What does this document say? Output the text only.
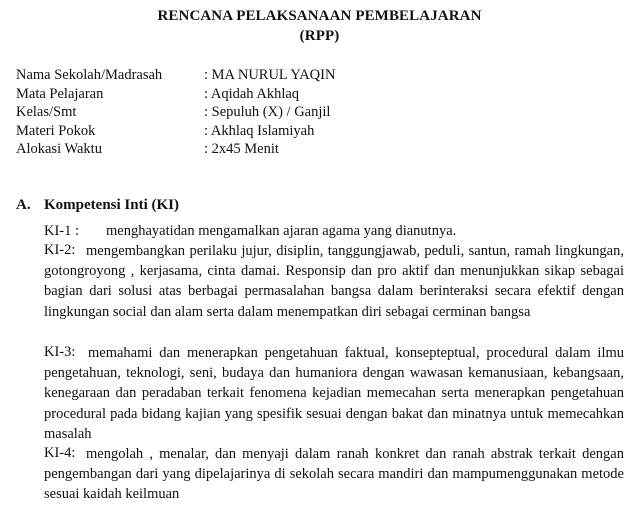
RENCANA PELAKSANAAN PEMBELAJARAN
(RPP)
Nama Sekolah/Madrasah	: MA NURUL YAQIN
Mata Pelajaran	: Aqidah Akhlaq
Kelas/Smt	: Sepuluh (X) / Ganjil
Materi Pokok	: Akhlaq Islamiyah
Alokasi Waktu	: 2x45 Menit
A. Kompetensi Inti (KI)
KI-1 :	menghayatidan mengamalkan ajaran agama yang dianutnya.
KI-2: mengembangkan perilaku jujur, disiplin, tanggungjawab, peduli, santun, ramah lingkungan, gotongroyong , kerjasama, cinta damai. Responsip dan pro aktif dan menunjukkan sikap sebagai bagian dari solusi atas berbagai permasalahan bangsa dalam berinteraksi secara efektif dengan lingkungan social dan alam serta dalam menempatkan diri sebagai cerminan bangsa
KI-3: memahami dan menerapkan pengetahuan faktual, konsepteptual, procedural dalam ilmu pengetahuan, teknologi, seni, budaya dan humaniora dengan wawasan kemanusiaan, kebangsaan, kenegaraan dan peradaban terkait fenomena kejadian memecahan serta menerapkan pengetahuan procedural pada bidang kajian yang spesifik sesuai dengan bakat dan minatnya untuk memecahkan masalah
KI-4: mengolah , menalar, dan menyaji dalam ranah konkret dan ranah abstrak terkait dengan pengembangan dari yang dipelajarinya di sekolah secara mandiri dan mampumenggunakan metode sesuai kaidah keilmuan
